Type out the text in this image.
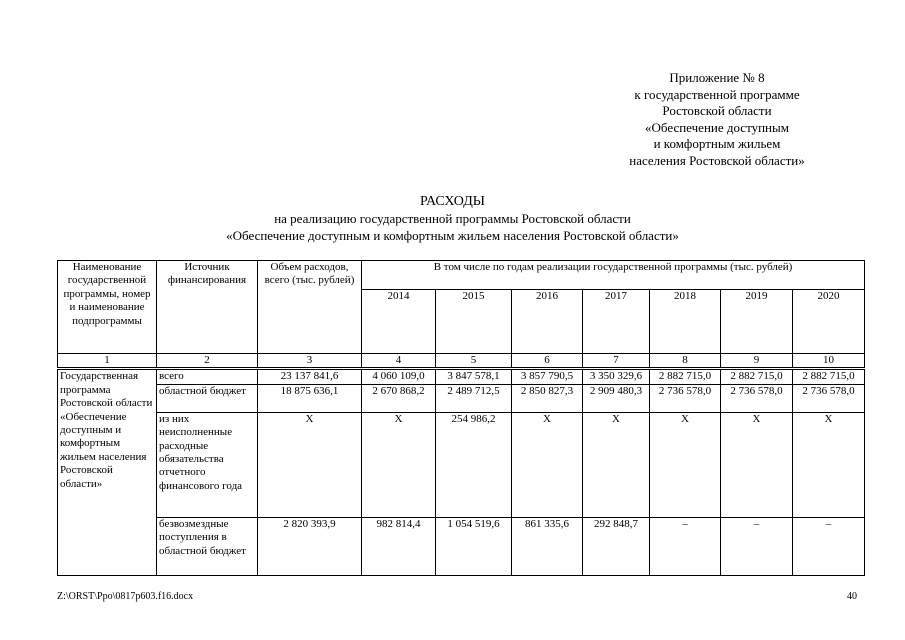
Приложение № 8
к государственной программе
Ростовской области
«Обеспечение доступным
и комфортным жильем
населения Ростовской области»
РАСХОДЫ
на реализацию государственной программы Ростовской области
«Обеспечение доступным и комфортным жильем населения Ростовской области»
Наименование государственной программы, номер и наименование подпрограммы	Источник финансирования	Объем расходов, всего (тыс. рублей)	В том числе по годам реализации государственной программы (тыс. рублей)						
			2014	2015	2016	2017	2018	2019	2020
1	2	3	4	5	6	7	8	9	10
Государственная программа Ростовской области «Обеспечение доступным и комфортным жильем населения Ростовской области»	всего	23 137 841,6	4 060 109,0	3 847 578,1	3 857 790,5	3 350 329,6	2 882 715,0	2 882 715,0	2 882 715,0
	областной бюджет	18 875 636,1	2 670 868,2	2 489 712,5	2 850 827,3	2 909 480,3	2 736 578,0	2 736 578,0	2 736 578,0
	из них неисполненные расходные обязательства отчетного финансового года	Х	Х	254 986,2	Х	Х	Х	Х	Х
	безвозмездные поступления в областной бюджет	2 820 393,9	982 814,4	1 054 519,6	861 335,6	292 848,7	–	–	–
Z:\ORST\Ppo\0817p603.f16.docx	40
